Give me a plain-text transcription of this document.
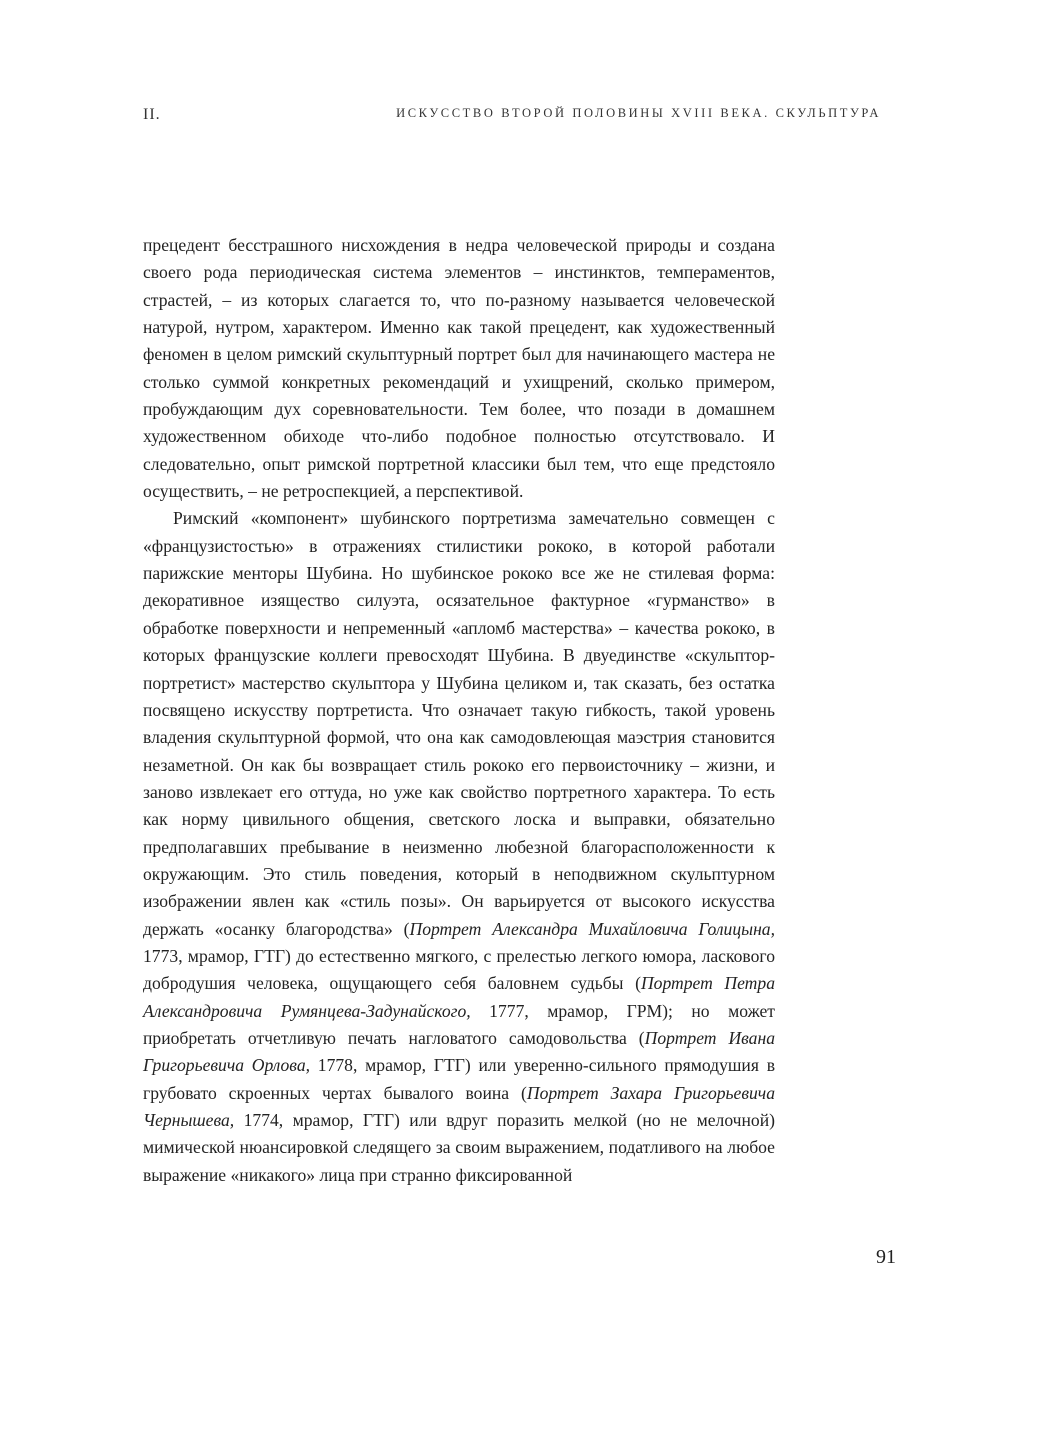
II.	ИСКУССТВО ВТОРОЙ ПОЛОВИНЫ XVIII ВЕКА. СКУЛЬПТУРА

прецедент бесстрашного нисхождения в недра человеческой природы и создана своего рода периодическая система элементов – инстинктов, темпераментов, страстей, – из которых слагается то, что по-разному называется человеческой натурой, нутром, характером. Именно как такой прецедент, как художественный феномен в целом римский скульптурный портрет был для начинающего мастера не столько суммой конкретных рекомендаций и ухищрений, сколько примером, пробуждающим дух соревновательности. Тем более, что позади в домашнем художественном обиходе что-либо подобное полностью отсутствовало. И следовательно, опыт римской портретной классики был тем, что еще предстояло осуществить, – не ретроспекцией, а перспективой.

Римский «компонент» шубинского портретизма замечательно совмещен с «французистостью» в отражениях стилистики рококо, в которой работали парижские менторы Шубина. Но шубинское рококо все же не стилевая форма: декоративное изящество силуэта, осязательное фактурное «гурманство» в обработке поверхности и непременный «апломб мастерства» – качества рококо, в которых французские коллеги превосходят Шубина. В двуединстве «скульптор-портретист» мастерство скульптора у Шубина целиком и, так сказать, без остатка посвящено искусству портретиста. Что означает такую гибкость, такой уровень владения скульптурной формой, что она как самодовлеющая маэстрия становится незаметной. Он как бы возвращает стиль рококо его первоисточнику – жизни, и заново извлекает его оттуда, но уже как свойство портретного характера. То есть как норму цивильного общения, светского лоска и выправки, обязательно предполагавших пребывание в неизменно любезной благорасположенности к окружающим. Это стиль поведения, который в неподвижном скульптурном изображении явлен как «стиль позы». Он варьируется от высокого искусства держать «осанку благородства» (Портрет Александра Михайловича Голицына, 1773, мрамор, ГТГ) до естественно мягкого, с прелестью легкого юмора, ласкового добродушия человека, ощущающего себя баловнем судьбы (Портрет Петра Александровича Румянцева-Задунайского, 1777, мрамор, ГРМ); но может приобретать отчетливую печать нагловатого самодовольства (Портрет Ивана Григорьевича Орлова, 1778, мрамор, ГТГ) или уверенно-сильного прямодушия в грубовато скроенных чертах бывалого воина (Портрет Захара Григорьевича Чернышева, 1774, мрамор, ГТГ) или вдруг поразить мелкой (но не мелочной) мимической нюансировкой следящего за своим выражением, податливого на любое выражение «никакого» лица при странно фиксированной

91
